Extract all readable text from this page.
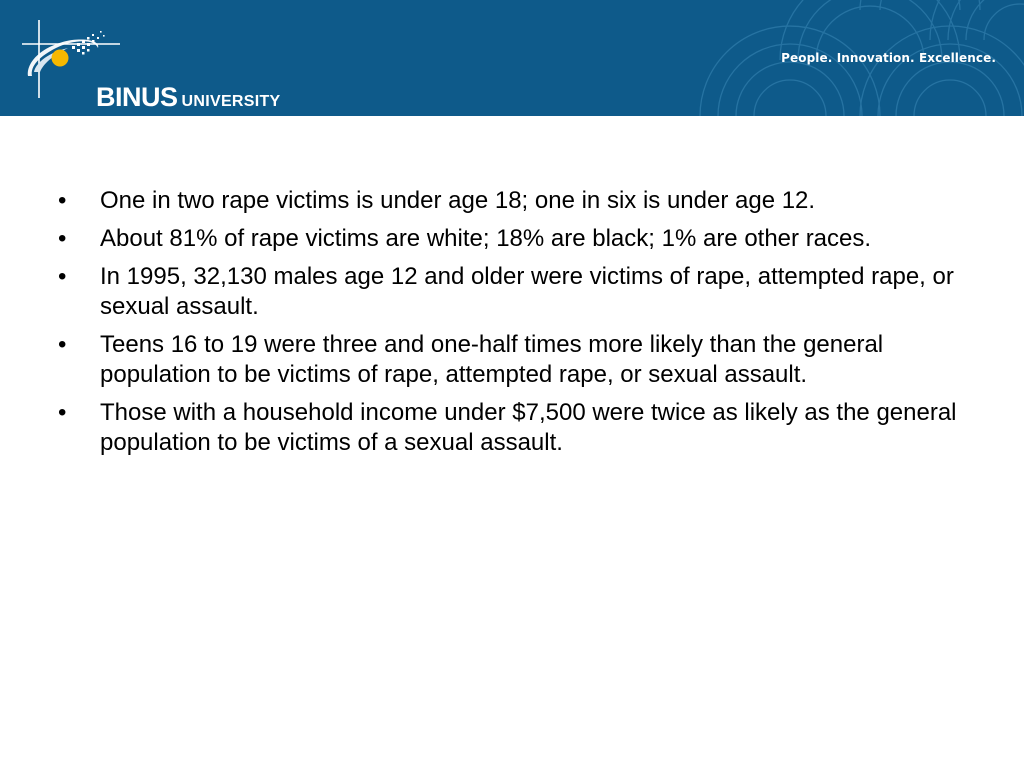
BINUS UNIVERSITY
People. Innovation. Excellence.
•	One in two rape victims is under age 18; one in six is under age 12.
•	About 81% of rape victims are white; 18% are black; 1% are other races.
•	In 1995, 32,130 males age 12 and older were victims of rape, attempted rape, or sexual assault.
•	Teens 16 to 19 were three and one-half times more likely than the general population to be victims of rape, attempted rape, or sexual assault.
•	Those with a household income under $7,500 were twice as likely as the general population to be victims of a sexual assault.
